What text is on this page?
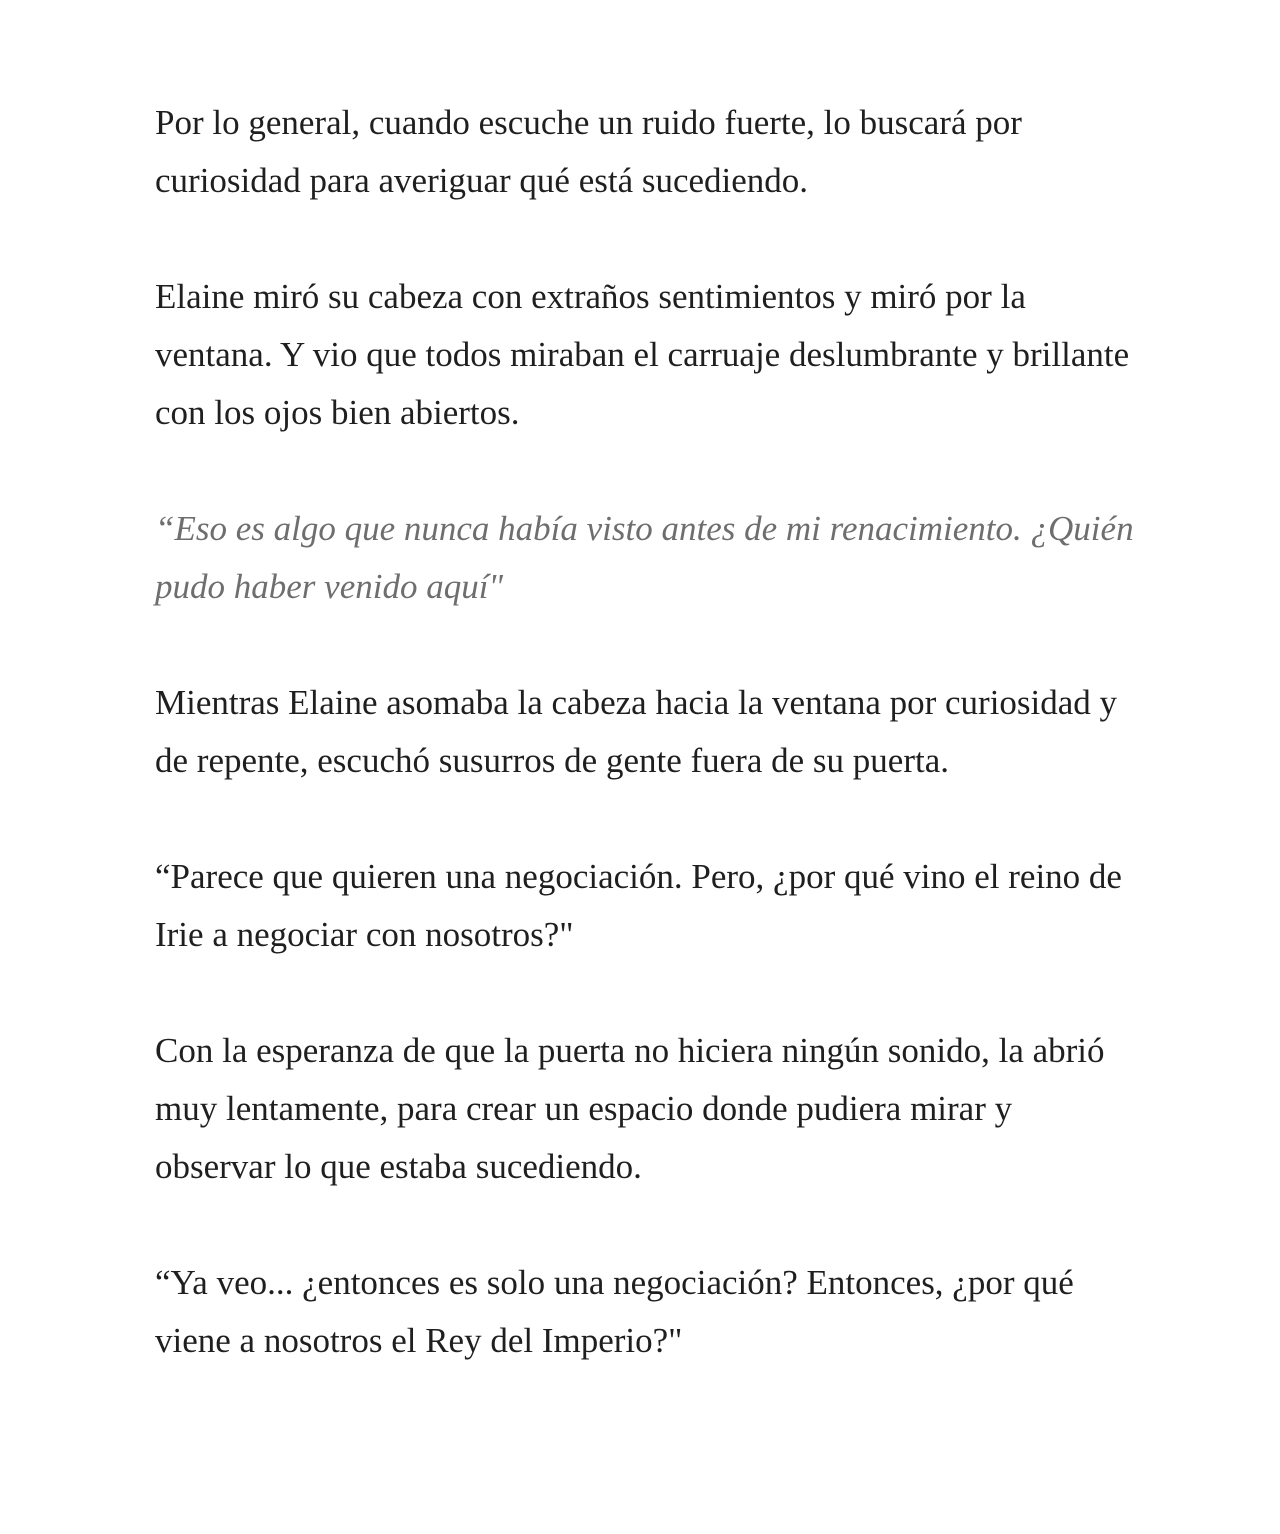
Por lo general, cuando escuche un ruido fuerte, lo buscará por curiosidad para averiguar qué está sucediendo.

Elaine miró su cabeza con extraños sentimientos y miró por la ventana. Y vio que todos miraban el carruaje deslumbrante y brillante con los ojos bien abiertos.

“Eso es algo que nunca había visto antes de mi renacimiento. ¿Quién pudo haber venido aquí"

Mientras Elaine asomaba la cabeza hacia la ventana por curiosidad y de repente, escuchó susurros de gente fuera de su puerta.

“Parece que quieren una negociación. Pero, ¿por qué vino el reino de Irie a negociar con nosotros?"

Con la esperanza de que la puerta no hiciera ningún sonido, la abrió muy lentamente, para crear un espacio donde pudiera mirar y observar lo que estaba sucediendo.

“Ya veo... ¿entonces es solo una negociación? Entonces, ¿por qué viene a nosotros el Rey del Imperio?"
